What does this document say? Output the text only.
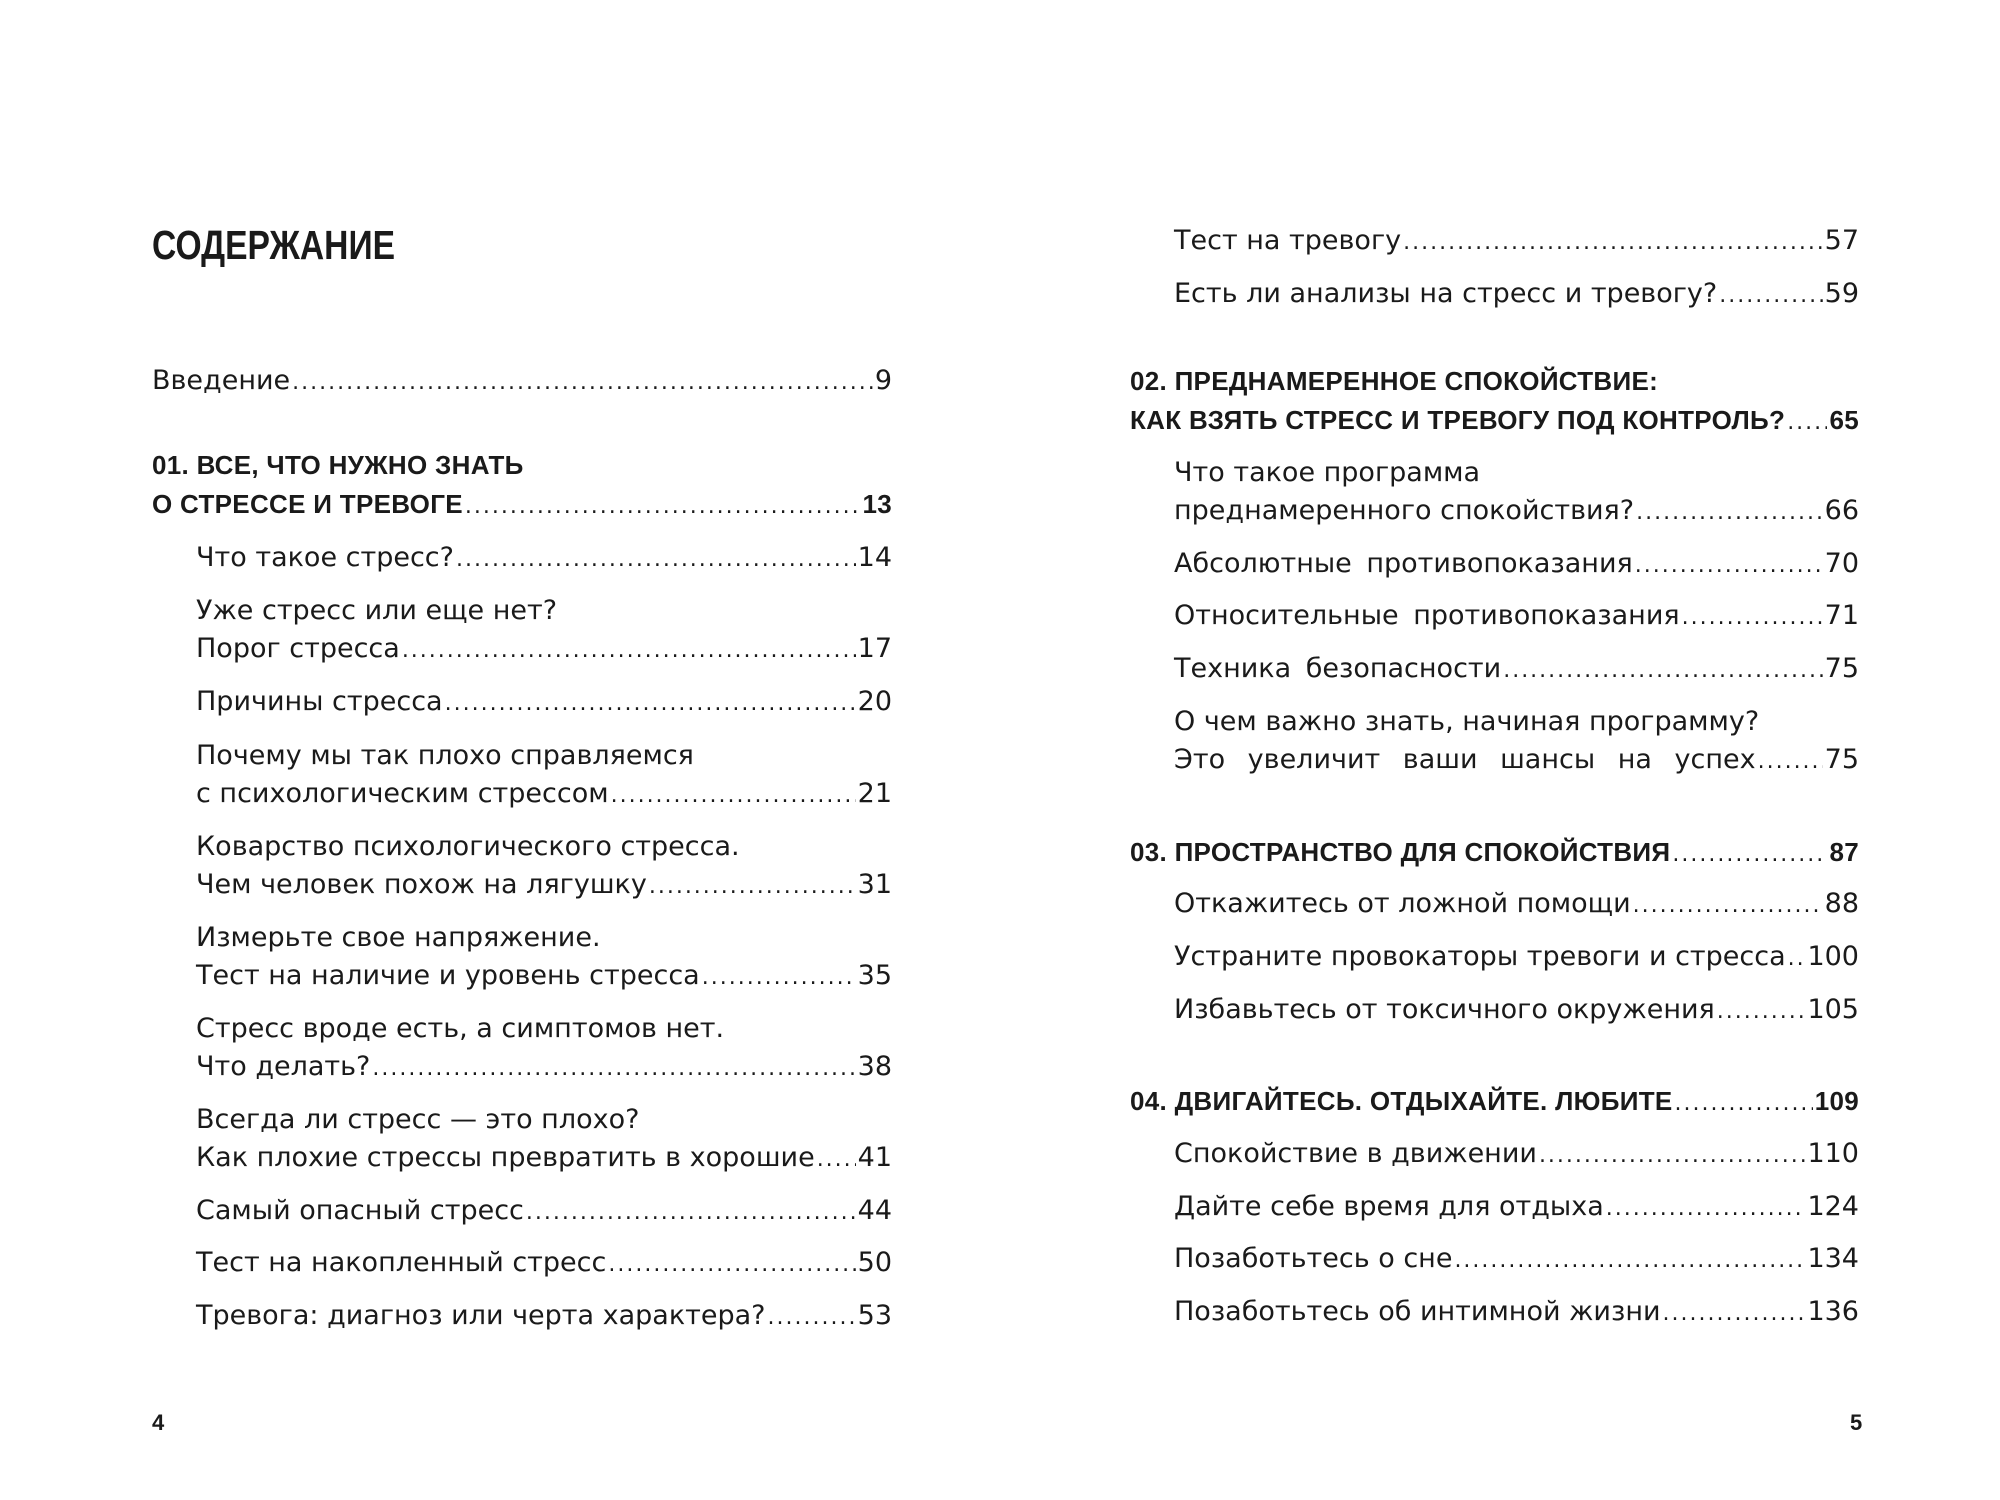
СОДЕРЖАНИЕ
Введение .....	9
01. ВСЕ, ЧТО НУЖНО ЗНАТЬ
О СТРЕССЕ И ТРЕВОГЕ .....	13
Что такое стресс? .....	14
Уже стресс или еще нет?
Порог стресса .....	17
Причины стресса .....	20
Почему мы так плохо справляемся
с психологическим стрессом .....	21
Коварство психологического стресса.
Чем человек похож на лягушку .....	31
Измерьте свое напряжение.
Тест на наличие и уровень стресса .....	35
Стресс вроде есть, а симптомов нет.
Что делать? .....	38
Всегда ли стресс — это плохо?
Как плохие стрессы превратить в хорошие ..... 41
Самый опасный стресс .....	44
Тест на накопленный стресс .....	50
Тревога: диагноз или черта характера? .....	53
4
Тест на тревогу .....	57
Есть ли анализы на стресс и тревогу? .....	59
02. ПРЕДНАМЕРЕННОЕ СПОКОЙСТВИЕ:
КАК ВЗЯТЬ СТРЕСС И ТРЕВОГУ ПОД КОНТРОЛЬ? ..... 65
Что такое программа
преднамеренного спокойствия? .....	66
Абсолютные противопоказания .....	70
Относительные противопоказания .....	71
Техника безопасности .....	75
О чем важно знать, начиная программу?
Это увеличит ваши шансы на успех .....	75
03. ПРОСТРАНСТВО ДЛЯ СПОКОЙСТВИЯ .....	87
Откажитесь от ложной помощи .....	88
Устраните провокаторы тревоги и стресса ..... 100
Избавьтесь от токсичного окружения .....	105
04. ДВИГАЙТЕСЬ. ОТДЫХАЙТЕ. ЛЮБИТЕ .....	109
Спокойствие в движении .....	110
Дайте себе время для отдыха .....	124
Позаботьтесь о сне .....	134
Позаботьтесь об интимной жизни .....	136
5
